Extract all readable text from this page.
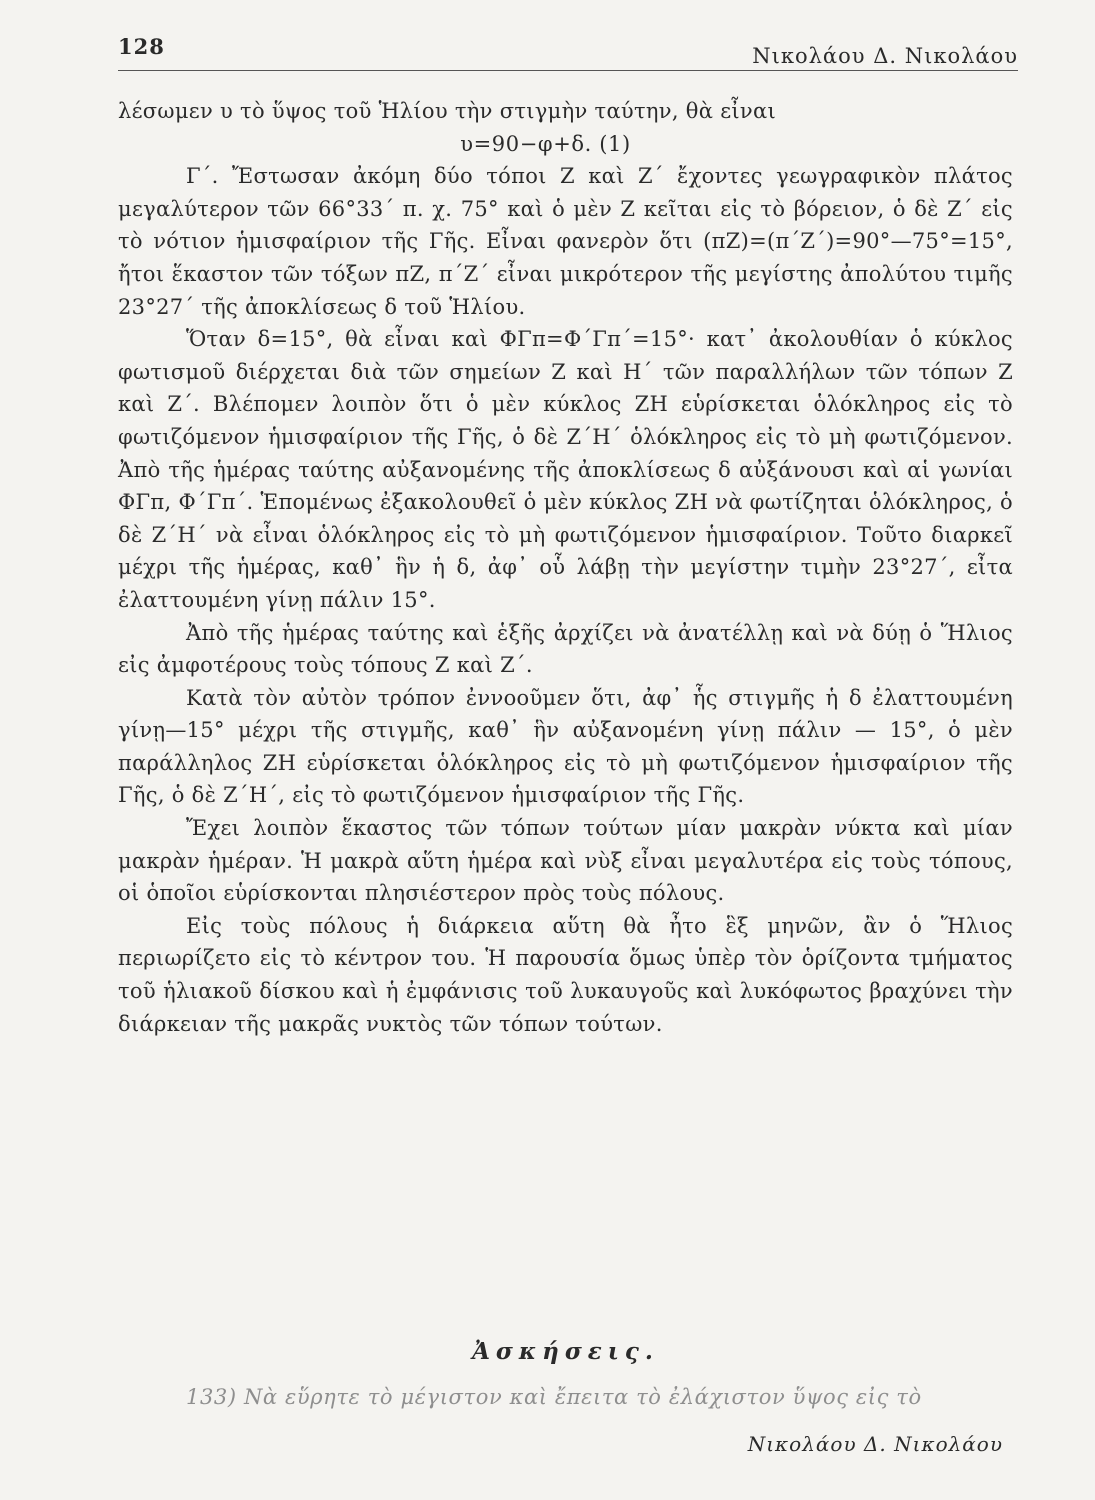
128	Νικολάου Δ. Νικολάου

λέσωμεν υ τὸ ὕψος τοῦ Ἡλίου τὴν στιγμὴν ταύτην, θὰ εἶναι

υ=90−φ+δ. (1)

Γ΄. Ἔστωσαν ἀκόμη δύο τόποι Ζ καὶ Ζ΄ ἔχοντες γεωγραφικὸν πλάτος μεγαλύτερον τῶν 66°33΄ π. χ. 75° καὶ ὁ μὲν Ζ κεῖται εἰς τὸ βόρειον, ὁ δὲ Ζ΄ εἰς τὸ νότιον ἡμισφαίριον τῆς Γῆς. Εἶναι φανερὸν ὅτι (πΖ)=(π΄Ζ΄)=90°—75°=15°, ἤτοι ἕκαστον τῶν τόξων πΖ, π΄Ζ΄ εἶναι μικρότερον τῆς μεγίστης ἀπολύτου τιμῆς 23°27΄ τῆς ἀποκλίσεως δ τοῦ Ἡλίου.

Ὅταν δ=15°, θὰ εἶναι καὶ ΦΓπ=Φ΄Γπ΄=15°· κατ᾿ ἀκολουθίαν ὁ κύκλος φωτισμοῦ διέρχεται διὰ τῶν σημείων Ζ καὶ Η΄ τῶν παραλλήλων τῶν τόπων Ζ καὶ Ζ΄. Βλέπομεν λοιπὸν ὅτι ὁ μὲν κύκλος ΖΗ εὑρίσκεται ὁλόκληρος εἰς τὸ φωτιζόμενον ἡμισφαίριον τῆς Γῆς, ὁ δὲ Ζ΄Η΄ ὁλόκληρος εἰς τὸ μὴ φωτιζόμενον. Ἀπὸ τῆς ἡμέρας ταύτης αὐξανομένης τῆς ἀποκλίσεως δ αὐξάνουσι καὶ αἱ γωνίαι ΦΓπ, Φ΄Γπ΄. Ἑπομένως ἐξακολουθεῖ ὁ μὲν κύκλος ΖΗ νὰ φωτίζηται ὁλόκληρος, ὁ δὲ Ζ΄Η΄ νὰ εἶναι ὁλόκληρος εἰς τὸ μὴ φωτιζόμενον ἡμισφαίριον. Τοῦτο διαρκεῖ μέχρι τῆς ἡμέρας, καθ᾿ ἣν ἡ δ, ἀφ᾿ οὗ λάβῃ τὴν μεγίστην τιμὴν 23°27΄, εἶτα ἐλαττουμένη γίνῃ πάλιν 15°.

Ἀπὸ τῆς ἡμέρας ταύτης καὶ ἑξῆς ἀρχίζει νὰ ἀνατέλλῃ καὶ νὰ δύῃ ὁ Ἥλιος εἰς ἀμφοτέρους τοὺς τόπους Ζ καὶ Ζ΄.

Κατὰ τὸν αὐτὸν τρόπον ἐννοοῦμεν ὅτι, ἀφ᾿ ἧς στιγμῆς ἡ δ ἐλαττουμένη γίνῃ—15° μέχρι τῆς στιγμῆς, καθ᾿ ἣν αὐξανομένη γίνῃ πάλιν — 15°, ὁ μὲν παράλληλος ΖΗ εὑρίσκεται ὁλόκληρος εἰς τὸ μὴ φωτιζόμενον ἡμισφαίριον τῆς Γῆς, ὁ δὲ Ζ΄Η΄, εἰς τὸ φωτιζόμενον ἡμισφαίριον τῆς Γῆς.

Ἔχει λοιπὸν ἕκαστος τῶν τόπων τούτων μίαν μακρὰν νύκτα καὶ μίαν μακρὰν ἡμέραν. Ἡ μακρὰ αὕτη ἡμέρα καὶ νὺξ εἶναι μεγαλυτέρα εἰς τοὺς τόπους, οἱ ὁποῖοι εὑρίσκονται πλησιέστερον πρὸς τοὺς πόλους.

Εἰς τοὺς πόλους ἡ διάρκεια αὕτη θὰ ἦτο ἓξ μηνῶν, ἂν ὁ Ἥλιος περιωρίζετο εἰς τὸ κέντρον του. Ἡ παρουσία ὅμως ὑπὲρ τὸν ὁρίζοντα τμήματος τοῦ ἡλιακοῦ δίσκου καὶ ἡ ἐμφάνισις τοῦ λυκαυγοῦς καὶ λυκόφωτος βραχύνει τὴν διάρκειαν τῆς μακρᾶς νυκτὸς τῶν τόπων τούτων.

Ἀσκήσεις.
133) Νὰ εὕρητε τὸ μέγιστον καὶ ἔπειτα τὸ ἐλάχιστον ὕψος εἰς τὸ
Νικολάου Δ. Νικολάου
